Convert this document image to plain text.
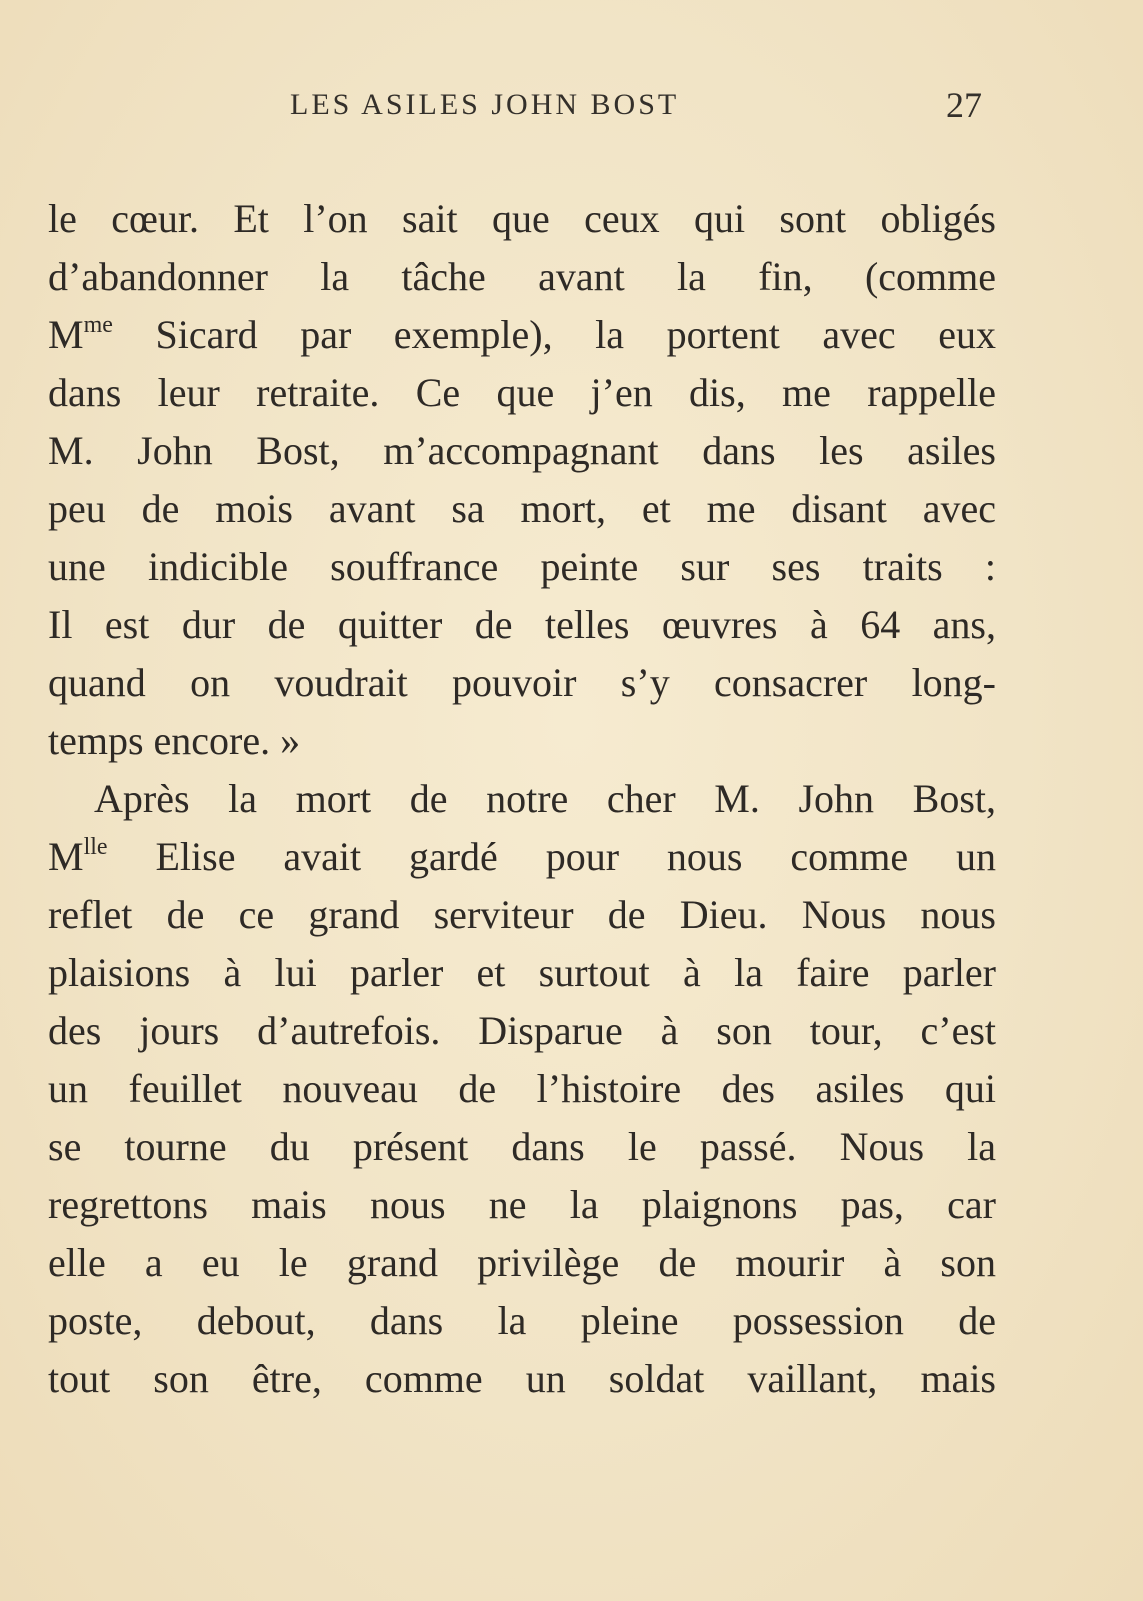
LES ASILES JOHN BOST	27
le cœur. Et l’on sait que ceux qui sont obligés
d’abandonner la tâche avant la fin, (comme
$M^{me}$ Sicard par exemple), la portent avec eux
dans leur retraite. Ce que j’en dis, me rappelle
M. John Bost, m’accompagnant dans les asiles
peu de mois avant sa mort, et me disant avec
une indicible souffrance peinte sur ses traits :
Il est dur de quitter de telles œuvres à 64 ans,
quand on voudrait pouvoir s’y consacrer long-
temps encore. »
Après la mort de notre cher M. John Bost,
$M^{lle}$ Elise avait gardé pour nous comme un
reflet de ce grand serviteur de Dieu. Nous nous
plaisions à lui parler et surtout à la faire parler
des jours d’autrefois. Disparue à son tour, c’est
un feuillet nouveau de l’histoire des asiles qui
se tourne du présent dans le passé. Nous la
regrettons mais nous ne la plaignons pas, car
elle a eu le grand privilège de mourir à son
poste, debout, dans la pleine possession de
tout son être, comme un soldat vaillant, mais
